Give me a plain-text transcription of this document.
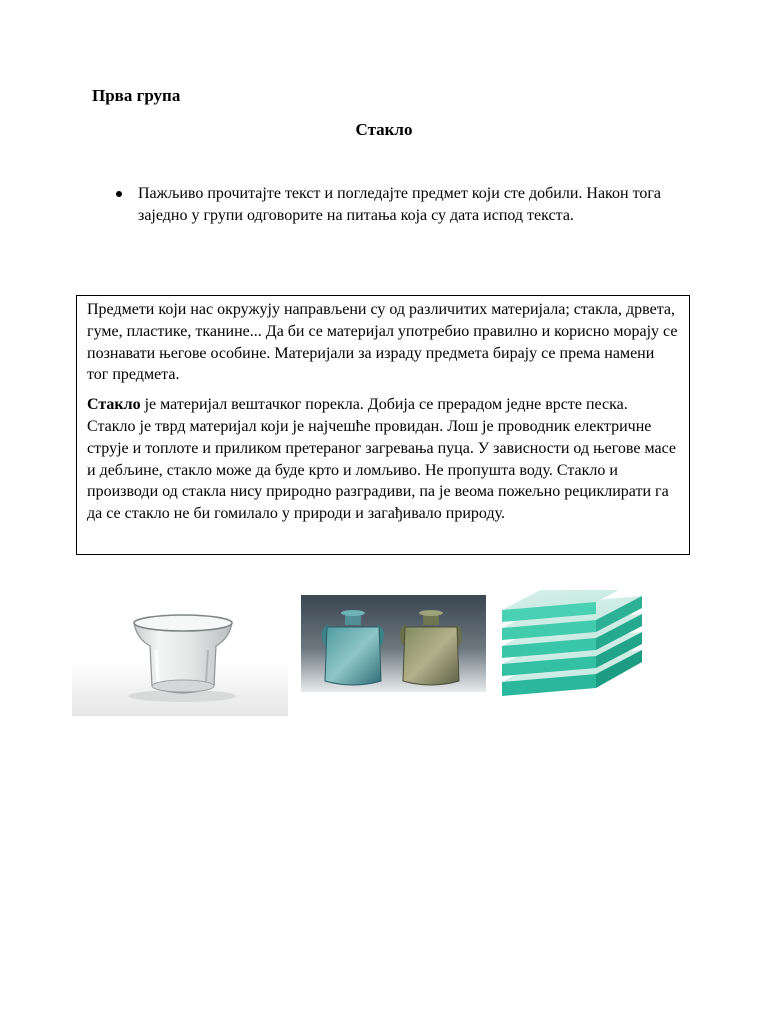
Прва група
Стакло
Пажљиво прочитајте текст и погледајте предмет који сте добили. Након тога заједно у групи одговорите на питања која су дата испод текста.

Предмети који нас окружују направљени су од различитих материјала; стакла, дрвета, гуме, пластике, тканине... Да би се материјал употребио правилно и корисно морају се познавати његове особине. Материјали за израду предмета бирају се према намени тог предмета.

Стакло је материјал вештачког порекла. Добија се прерадом једне врсте песка. Стакло је тврд материјал који је најчешће провидан. Лош је проводник електричне струје и топлоте и приликом претераног загревања пуца. У зависности од његове масе и дебљине, стакло може да буде крто и ломљиво. Не пропушта воду. Стакло и производи од стакла нису природно разградиви, па је веома пожељно рециклирати га да се стакло не би гомилало у природи и загађивало природу.
